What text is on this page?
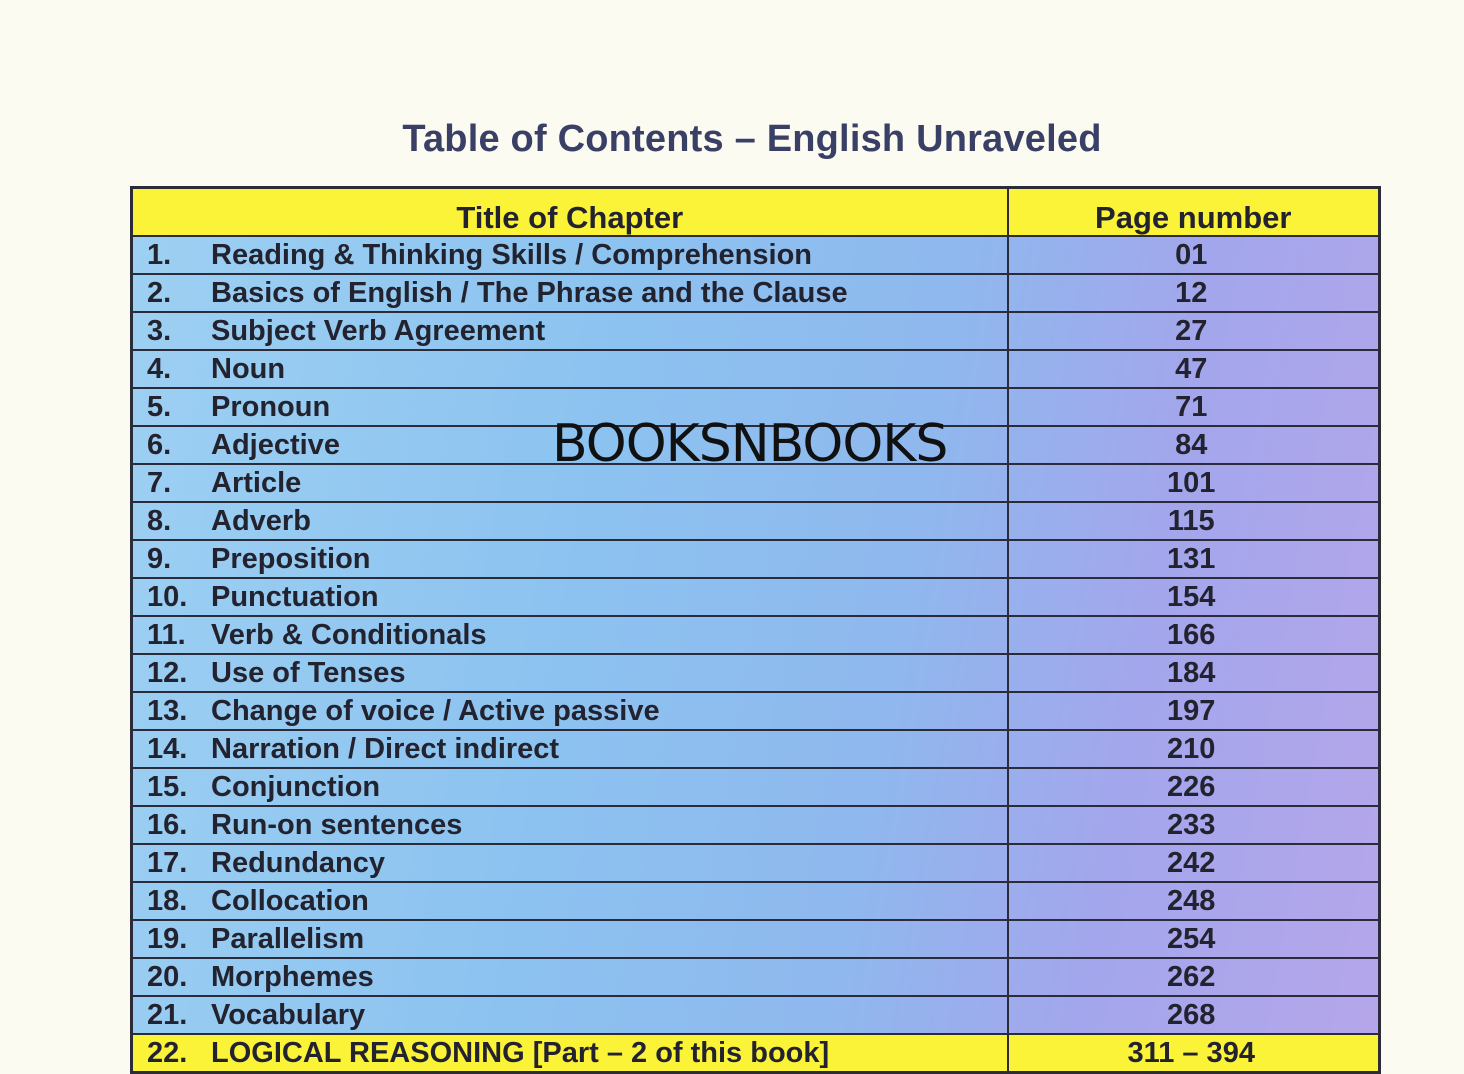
Table of Contents – English Unraveled
Title of Chapter	Page number
1. Reading & Thinking Skills / Comprehension	01
2. Basics of English / The Phrase and the Clause	12
3. Subject Verb Agreement	27
4. Noun	47
5. Pronoun	71
6. Adjective	84
7. Article	101
8. Adverb	115
9. Preposition	131
10. Punctuation	154
11. Verb & Conditionals	166
12. Use of Tenses	184
13. Change of voice / Active passive	197
14. Narration / Direct indirect	210
15. Conjunction	226
16. Run-on sentences	233
17. Redundancy	242
18. Collocation	248
19. Parallelism	254
20. Morphemes	262
21. Vocabulary	268
22. LOGICAL REASONING [Part – 2 of this book]	311 – 394
BOOKSNBOOKS
